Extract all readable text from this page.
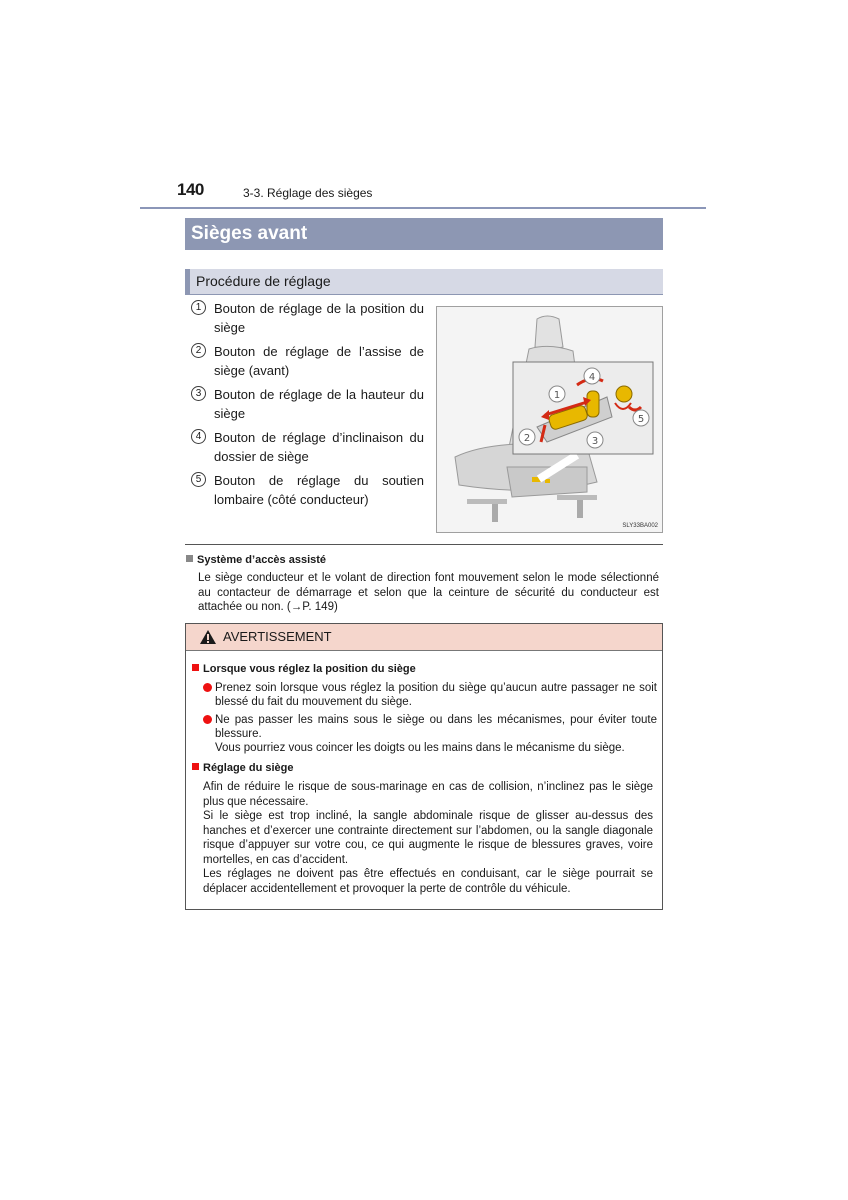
140	3-3. Réglage des sièges
Sièges avant
Procédure de réglage
1 Bouton de réglage de la position du siège
2 Bouton de réglage de l’assise de siège (avant)
3 Bouton de réglage de la hauteur du siège
4 Bouton de réglage d’inclinaison du dossier de siège
5 Bouton de réglage du soutien lombaire (côté conducteur)
1
2	3
4
5
SLY33BA002
Système d’accès assisté
Le siège conducteur et le volant de direction font mouvement selon le mode sélectionné au contacteur de démarrage et selon que la ceinture de sécurité du conducteur est attachée ou non. (→P. 149)
AVERTISSEMENT
Lorsque vous réglez la position du siège
Prenez soin lorsque vous réglez la position du siège qu’aucun autre passager ne soit blessé du fait du mouvement du siège.
Ne pas passer les mains sous le siège ou dans les mécanismes, pour éviter toute blessure.
Vous pourriez vous coincer les doigts ou les mains dans le mécanisme du siège.
Réglage du siège
Afin de réduire le risque de sous-marinage en cas de collision, n’inclinez pas le siège plus que nécessaire.
Si le siège est trop incliné, la sangle abdominale risque de glisser au-dessus des hanches et d’exercer une contrainte directement sur l’abdomen, ou la sangle diagonale risque d’appuyer sur votre cou, ce qui augmente le risque de blessures graves, voire mortelles, en cas d’accident.
Les réglages ne doivent pas être effectués en conduisant, car le siège pourrait se déplacer accidentellement et provoquer la perte de contrôle du véhicule.
